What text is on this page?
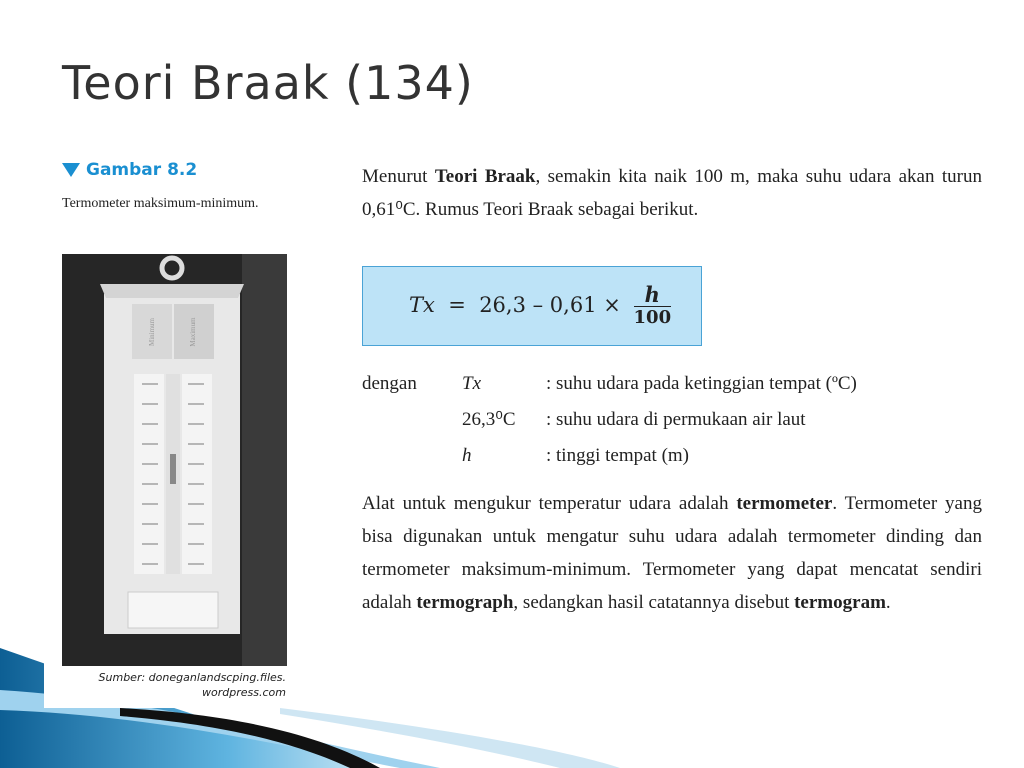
Teori Braak (134)
Gambar 8.2
Termometer maksimum-minimum.
Minimum	Maximum
Sumber: doneganlandscping.files.
wordpress.com
Menurut Teori Braak, semakin kita naik 100 m, maka suhu udara akan turun 0,61⁰C. Rumus Teori Braak sebagai berikut.
$Tx = 26,3 - 0,61 \times \frac{h}{100}$
dengan Tx	: suhu udara pada ketinggian tempat (ºC)
26,3⁰C : suhu udara di permukaan air laut
h	: tinggi tempat (m)
Alat untuk mengukur temperatur udara adalah termometer. Termometer yang bisa digunakan untuk mengatur suhu udara adalah termometer dinding dan termometer maksimum-minimum. Termometer yang dapat mencatat sendiri adalah termograph, sedangkan hasil catatannya disebut termogram.
